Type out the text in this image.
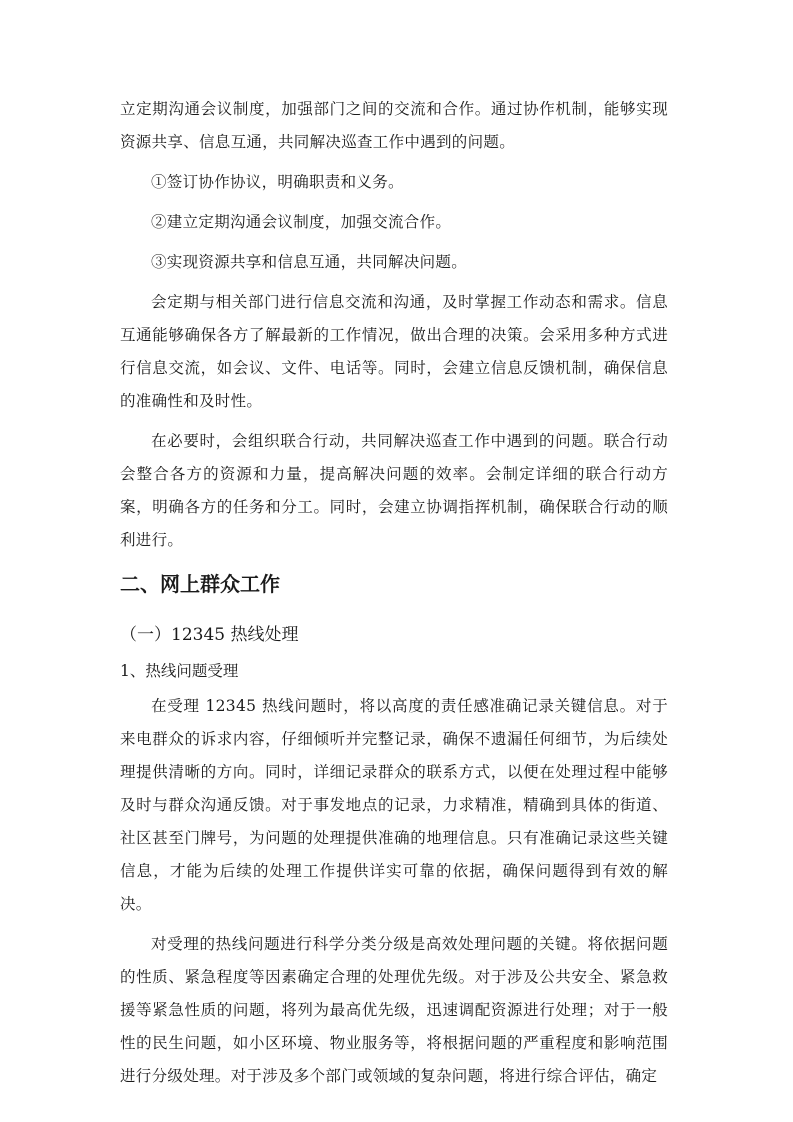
立定期沟通会议制度，加强部门之间的交流和合作。通过协作机制，能够实现资源共享、信息互通，共同解决巡查工作中遇到的问题。

①签订协作协议，明确职责和义务。

②建立定期沟通会议制度，加强交流合作。

③实现资源共享和信息互通，共同解决问题。

会定期与相关部门进行信息交流和沟通，及时掌握工作动态和需求。信息互通能够确保各方了解最新的工作情况，做出合理的决策。会采用多种方式进行信息交流，如会议、文件、电话等。同时，会建立信息反馈机制，确保信息的准确性和及时性。

在必要时，会组织联合行动，共同解决巡查工作中遇到的问题。联合行动会整合各方的资源和力量，提高解决问题的效率。会制定详细的联合行动方案，明确各方的任务和分工。同时，会建立协调指挥机制，确保联合行动的顺利进行。

二、网上群众工作
（一）12345 热线处理
1、热线问题受理

在受理 12345 热线问题时，将以高度的责任感准确记录关键信息。对于来电群众的诉求内容，仔细倾听并完整记录，确保不遗漏任何细节，为后续处理提供清晰的方向。同时，详细记录群众的联系方式，以便在处理过程中能够及时与群众沟通反馈。对于事发地点的记录，力求精准，精确到具体的街道、社区甚至门牌号，为问题的处理提供准确的地理信息。只有准确记录这些关键信息，才能为后续的处理工作提供详实可靠的依据，确保问题得到有效的解决。

对受理的热线问题进行科学分类分级是高效处理问题的关键。将依据问题的性质、紧急程度等因素确定合理的处理优先级。对于涉及公共安全、紧急救援等紧急性质的问题，将列为最高优先级，迅速调配资源进行处理；对于一般性的民生问题，如小区环境、物业服务等，将根据问题的严重程度和影响范围进行分级处理。对于涉及多个部门或领域的复杂问题，将进行综合评估，确定
